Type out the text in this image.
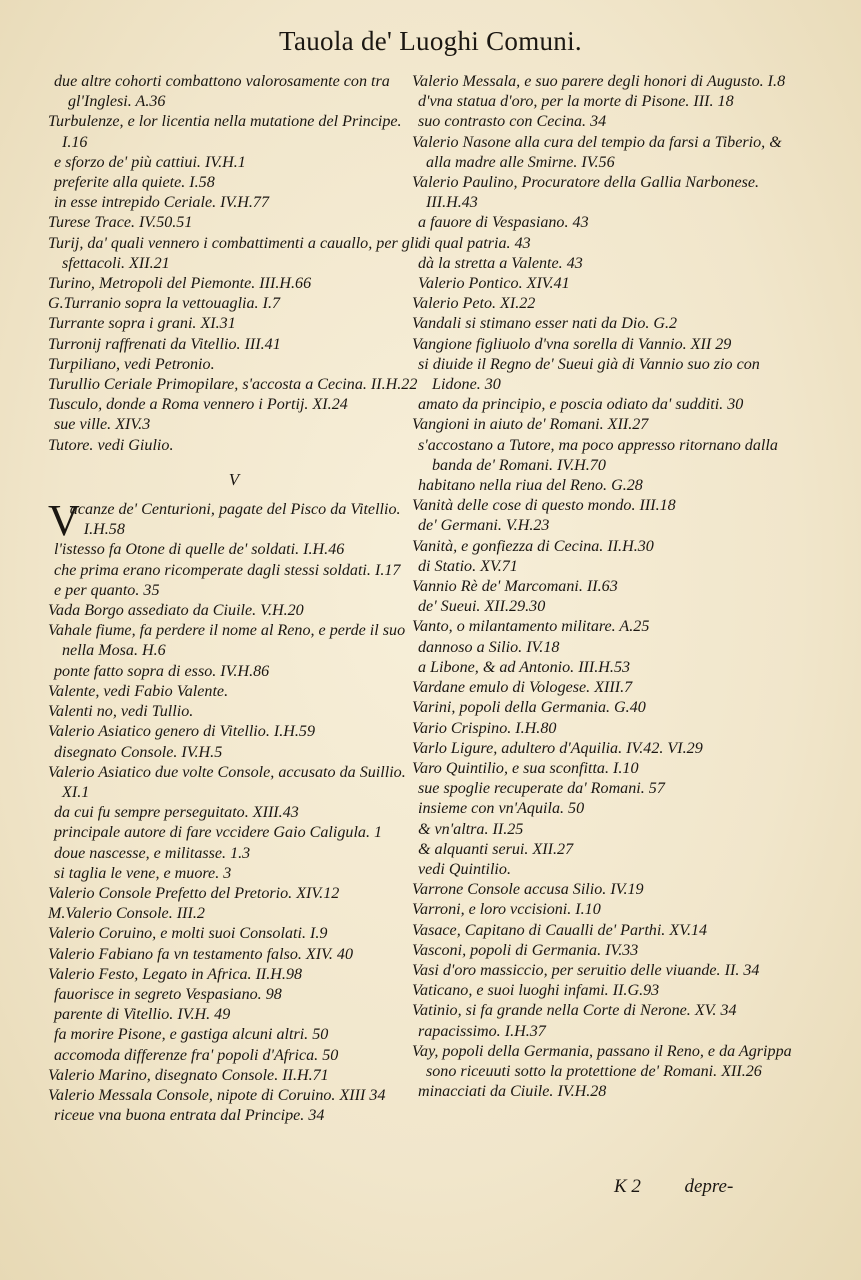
Tauola de' Luoghi Comuni.
due altre cohorti combattono valorosamente con tra gl'Inglesi. A.36
Turbulenze, e lor licentia nella mutatione del Principe. I.16
e sforzo de' più cattiui. IV.H.1
preferite alla quiete. I.58
in esse intrepido Ceriale. IV.H.77
Turese Trace. IV.50.51
Turij, da' quali vennero i combattimenti a cauallo, per gli sfettacoli. XII.21
Turino, Metropoli del Piemonte. III.H.66
G.Turranio sopra la vettouaglia. I.7
Turrante sopra i grani. XI.31
Turronij raffrenati da Vitellio. III.41
Turpiliano, vedi Petronio.
Turullio Ceriale Primopilare, s'accosta a Cecina. II.H.22
Tusculo, donde a Roma vennero i Portij. XI.24
sue ville. XIV.3
Tutore. vedi Giulio.
V
V
acanze de' Centurioni, pagate del Pisco da Vitellio. I.H.58
l'istesso fa Otone di quelle de' soldati. I.H.46
che prima erano ricomperate dagli stessi soldati. I.17
e per quanto. 35
Vada Borgo assediato da Ciuile. V.H.20
Vahale fiume, fa perdere il nome al Reno, e perde il suo nella Mosa. H.6
ponte fatto sopra di esso. IV.H.86
Valente, vedi Fabio Valente.
Valenti no, vedi Tullio.
Valerio Asiatico genero di Vitellio. I.H.59
disegnato Console. IV.H.5
Valerio Asiatico due volte Console, accusato da Suillio. XI.1
da cui fu sempre perseguitato. XIII.43
principale autore di fare vccidere Gaio Caligula. 1
doue nascesse, e militasse. 1.3
si taglia le vene, e muore. 3
Valerio Console Prefetto del Pretorio. XIV.12
M.Valerio Console. III.2
Valerio Coruino, e molti suoi Consolati. I.9
Valerio Fabiano fa vn testamento falso. XIV. 40
Valerio Festo, Legato in Africa. II.H.98
fauorisce in segreto Vespasiano. 98
parente di Vitellio. IV.H. 49
fa morire Pisone, e gastiga alcuni altri. 50
accomoda differenze fra' popoli d'Africa. 50
Valerio Marino, disegnato Console. II.H.71
Valerio Messala Console, nipote di Coruino. XIII 34
riceue vna buona entrata dal Principe. 34
Valerio Messala, e suo parere degli honori di Augusto. I.8
d'vna statua d'oro, per la morte di Pisone. III. 18
suo contrasto con Cecina. 34
Valerio Nasone alla cura del tempio da farsi a Tiberio, & alla madre alle Smirne. IV.56
Valerio Paulino, Procuratore della Gallia Narbonese. III.H.43
a fauore di Vespasiano. 43
di qual patria. 43
dà la stretta a Valente. 43
Valerio Pontico. XIV.41
Valerio Peto. XI.22
Vandali si stimano esser nati da Dio. G.2
Vangione figliuolo d'vna sorella di Vannio. XII 29
si diuide il Regno de' Sueui già di Vannio suo zio con Lidone. 30
amato da principio, e poscia odiato da' sudditi. 30
Vangioni in aiuto de' Romani. XII.27
s'accostano a Tutore, ma poco appresso ritornano dalla banda de' Romani. IV.H.70
habitano nella riua del Reno. G.28
Vanità delle cose di questo mondo. III.18
de' Germani. V.H.23
Vanità, e gonfiezza di Cecina. II.H.30
di Statio. XV.71
Vannio Rè de' Marcomani. II.63
de' Sueui. XII.29.30
Vanto, o milantamento militare. A.25
dannoso a Silio. IV.18
a Libone, & ad Antonio. III.H.53
Vardane emulo di Vologese. XIII.7
Varini, popoli della Germania. G.40
Vario Crispino. I.H.80
Varlo Ligure, adultero d'Aquilia. IV.42. VI.29
Varo Quintilio, e sua sconfitta. I.10
sue spoglie recuperate da' Romani. 57
insieme con vn'Aquila. 50
& vn'altra. II.25
& alquanti serui. XII.27
vedi Quintilio.
Varrone Console accusa Silio. IV.19
Varroni, e loro vccisioni. I.10
Vasace, Capitano di Caualli de' Parthi. XV.14
Vasconi, popoli di Germania. IV.33
Vasi d'oro massiccio, per seruitio delle viuande. II. 34
Vaticano, e suoi luoghi infami. II.G.93
Vatinio, si fa grande nella Corte di Nerone. XV. 34
rapacissimo. I.H.37
Vay, popoli della Germania, passano il Reno, e da Agrippa sono riceuuti sotto la protettione de' Romani. XII.26
minacciati da Ciuile. IV.H.28
K 2 depre-
